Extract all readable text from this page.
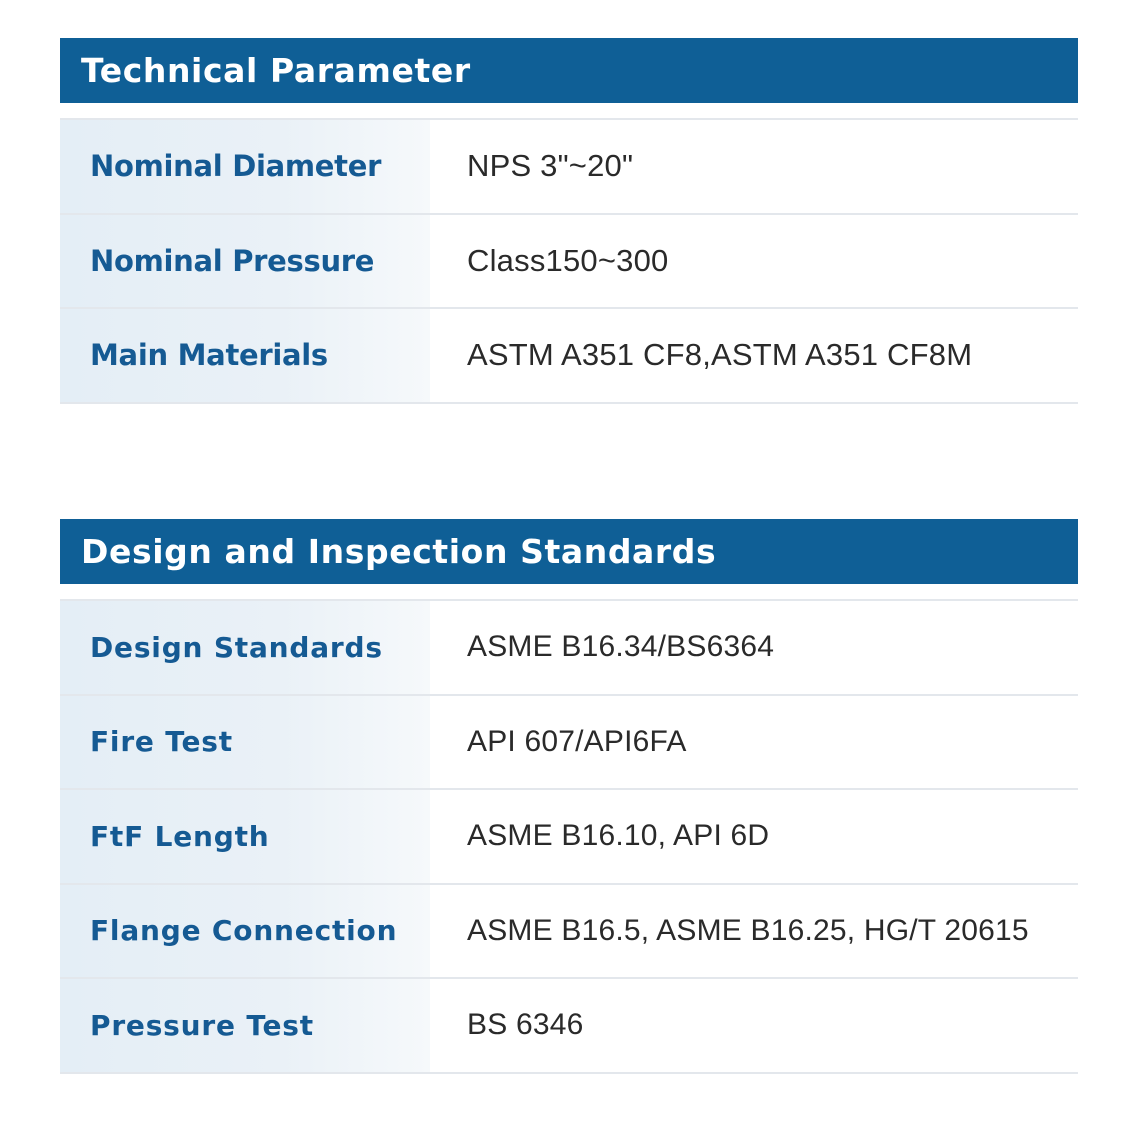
Technical Parameter
Nominal Diameter	NPS 3"~20"
Nominal Pressure	Class150~300
Main Materials	ASTM A351 CF8,ASTM A351 CF8M
Design and Inspection Standards
Design Standards	ASME B16.34/BS6364
Fire Test	API 607/API6FA
FtF Length	ASME B16.10, API 6D
Flange Connection	ASME B16.5, ASME B16.25, HG/T 20615
Pressure Test	BS 6346
